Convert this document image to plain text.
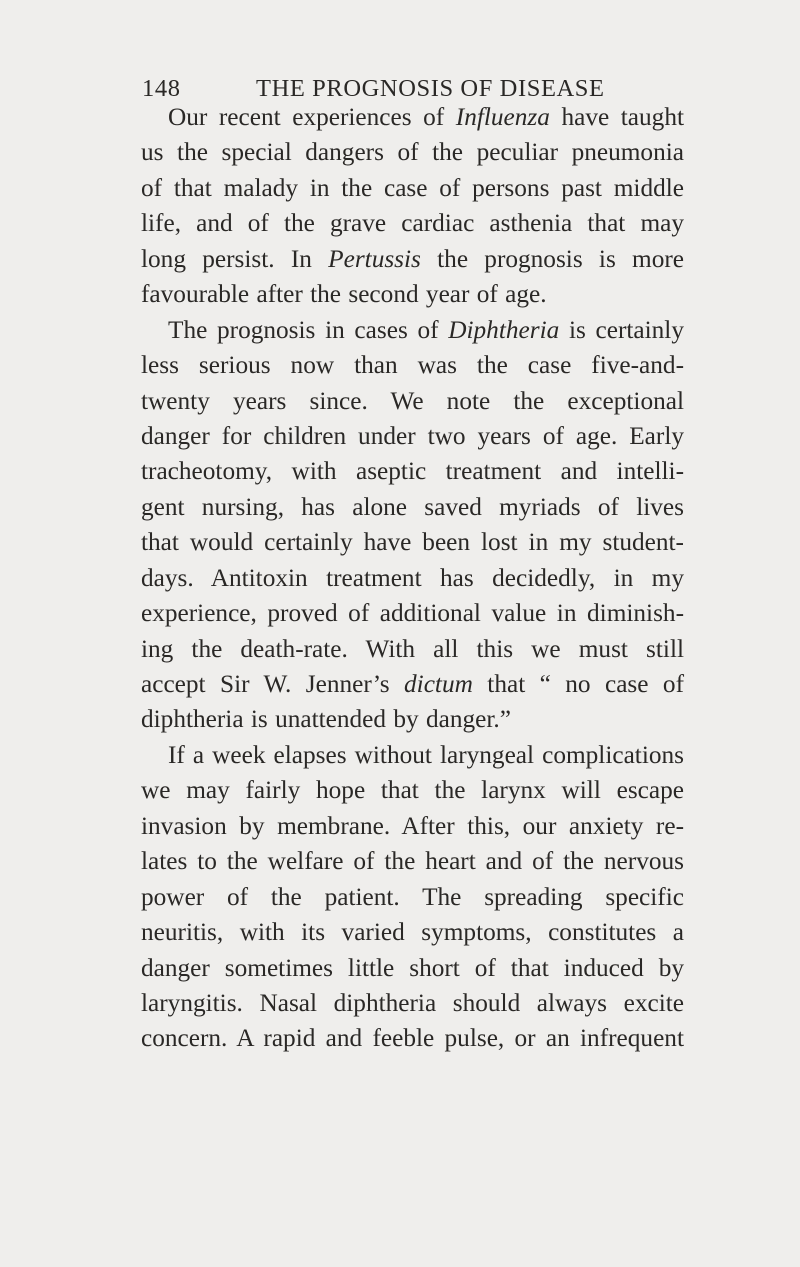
148	THE PROGNOSIS OF DISEASE
Our recent experiences of Influenza have taught
us the special dangers of the peculiar pneumonia
of that malady in the case of persons past middle
life, and of the grave cardiac asthenia that may
long persist. In Pertussis the prognosis is more
favourable after the second year of age.
The prognosis in cases of Diphtheria is certainly
less serious now than was the case five-and-
twenty years since. We note the exceptional
danger for children under two years of age. Early
tracheotomy, with aseptic treatment and intelli-
gent nursing, has alone saved myriads of lives
that would certainly have been lost in my student-
days. Antitoxin treatment has decidedly, in my
experience, proved of additional value in diminish-
ing the death-rate. With all this we must still
accept Sir W. Jenner’s dictum that “ no case of
diphtheria is unattended by danger.”
If a week elapses without laryngeal complications
we may fairly hope that the larynx will escape
invasion by membrane. After this, our anxiety re-
lates to the welfare of the heart and of the nervous
power of the patient. The spreading specific
neuritis, with its varied symptoms, constitutes a
danger sometimes little short of that induced by
laryngitis. Nasal diphtheria should always excite
concern. A rapid and feeble pulse, or an infrequent
